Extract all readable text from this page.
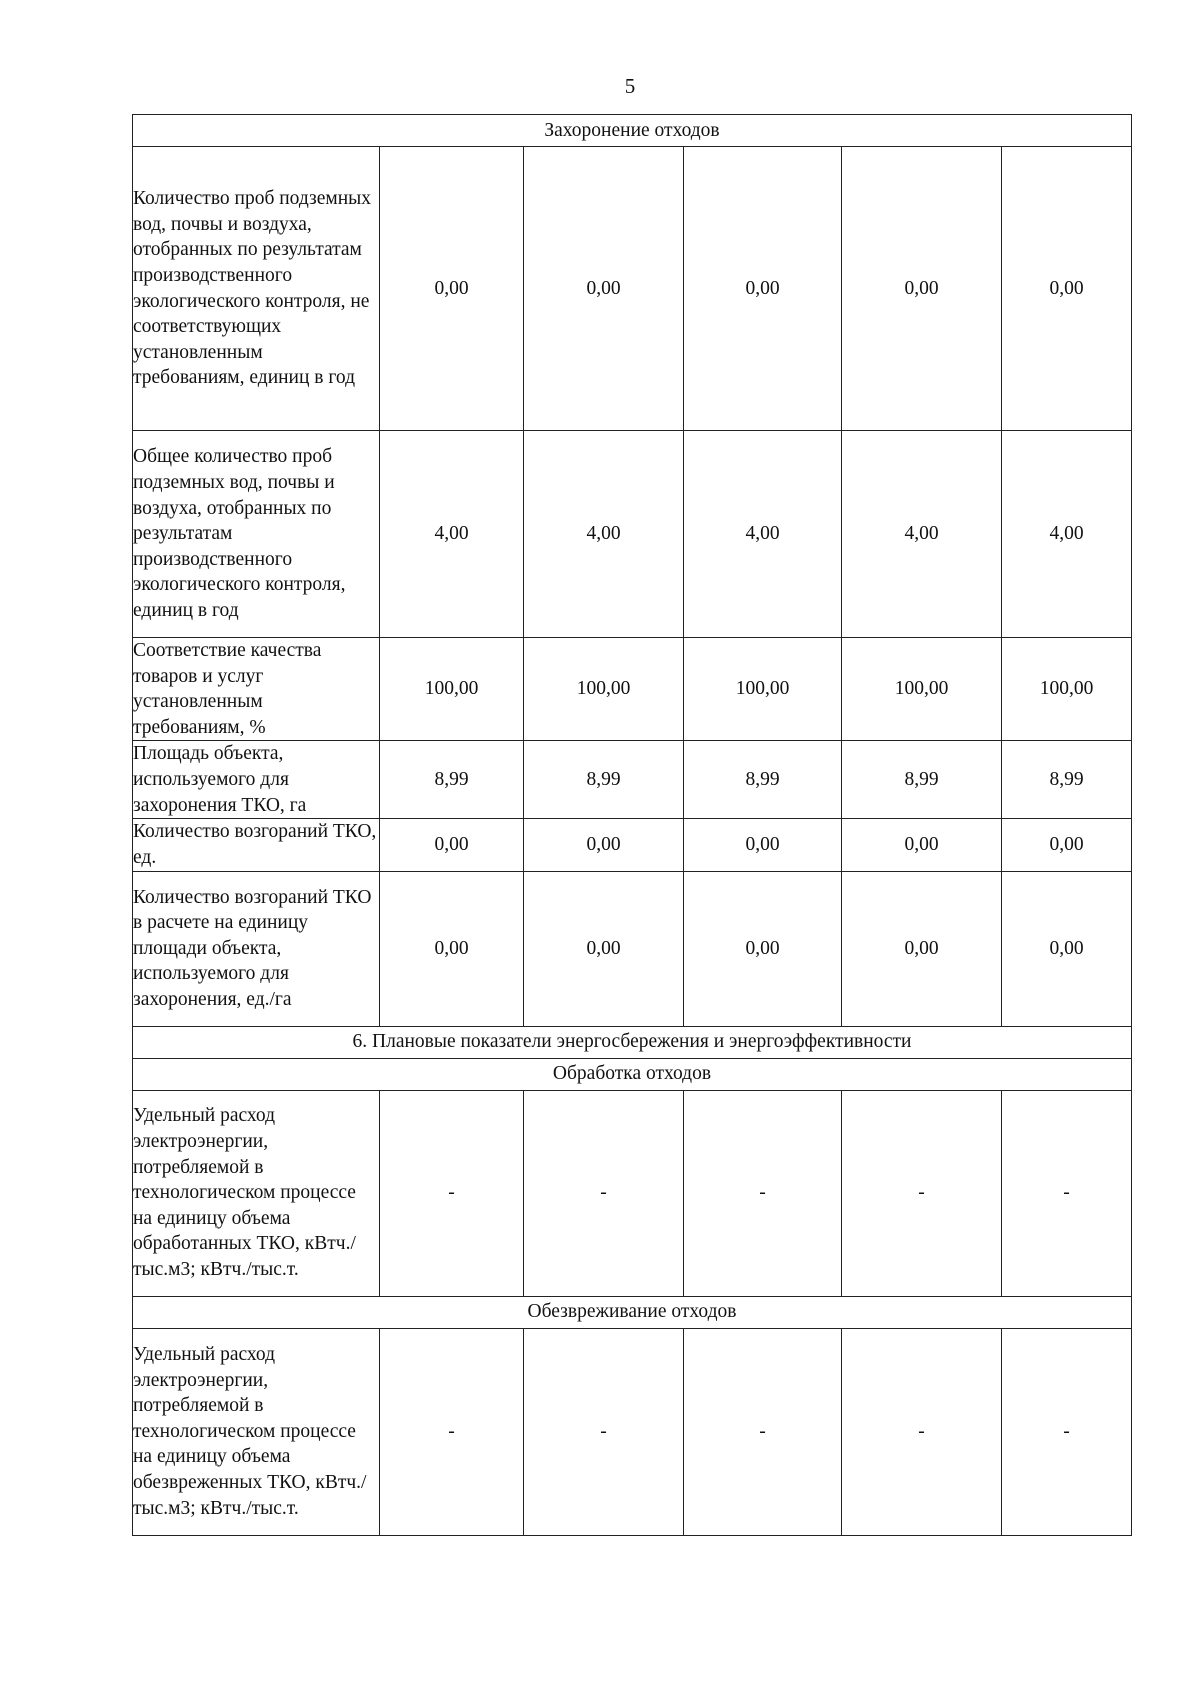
5
Захоронение отходов					
Количество проб подземных вод, почвы и воздуха, отобранных по результатам производственного экологического контроля, не соответствующих установленным требованиям, единиц в год	0,00	0,00	0,00	0,00	0,00
Общее количество проб подземных вод, почвы и воздуха, отобранных по результатам производственного экологического контроля, единиц в год	4,00	4,00	4,00	4,00	4,00
Соответствие качества товаров и услуг установленным требованиям, %	100,00	100,00	100,00	100,00	100,00
Площадь объекта, используемого для захоронения ТКО, га	8,99	8,99	8,99	8,99	8,99
Количество возгораний ТКО, ед.	0,00	0,00	0,00	0,00	0,00
Количество возгораний ТКО в расчете на единицу площади объекта, используемого для захоронения, ед./га	0,00	0,00	0,00	0,00	0,00
6. Плановые показатели энергосбережения и энергоэффективности					
Обработка отходов					
Удельный расход электроэнергии, потребляемой в технологическом процессе на единицу объема обработанных ТКО, кВтч./тыс.м3; кВтч./тыс.т.	-	-	-	-	-
Обезвреживание отходов					
Удельный расход электроэнергии, потребляемой в технологическом процессе на единицу объема обезвреженных ТКО, кВтч./тыс.м3; кВтч./тыс.т.	-	-	-	-	-
